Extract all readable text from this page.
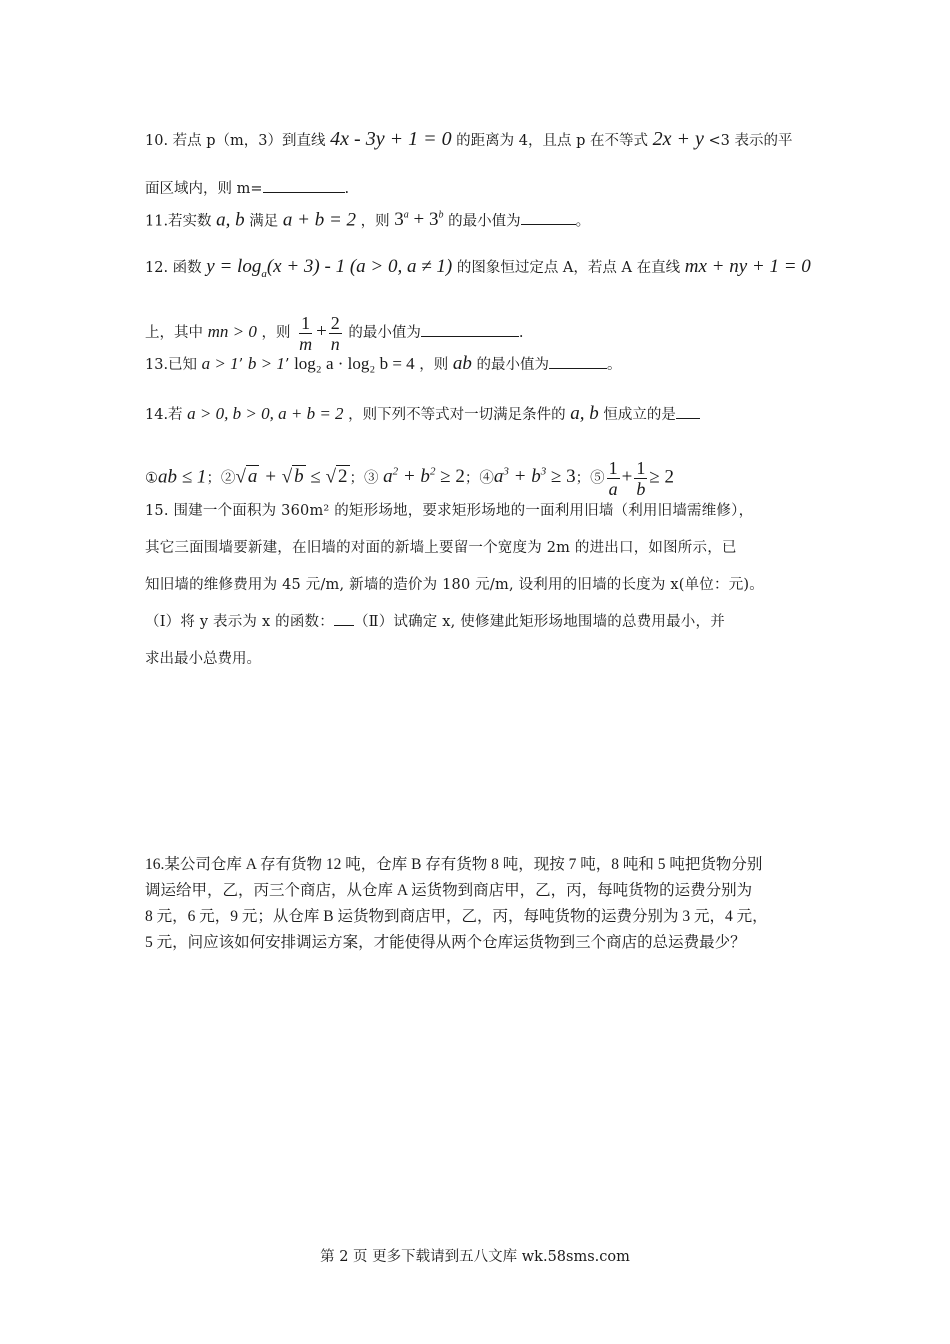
10. 若点 p（m，3）到直线 4x - 3y + 1 = 0 的距离为 4，且点 p 在不等式 2x + y <3 表示的平
面区域内，则 m=	.
11.若实数 a, b 满足 a + b = 2 ，则 $3^a + 3^b$ 的最小值为	。
12. 函数 $y = \log_a(x + 3) - 1$ (a > 0, a ≠ 1) 的图象恒过定点 A，若点 A 在直线 mx + ny + 1 = 0
上，其中 mn > 0 ，则 $\frac{1}{m} + \frac{2}{n}$ 的最小值为	.
13.已知 a > 1’ b > 1’ log₂ a · log₂ b = 4 ，则 ab 的最小值为	。
14.若 a > 0, b > 0, a + b = 2 ，则下列不等式对一切满足条件的 a, b 恒成立的是
①ab ≤ 1；②√ a + √ b ≤ √ 2 ；③ $a^2 + b^2 \ge 2$；$④a^3 + b^3 \ge 3$；⑤ $\frac{1}{a} + \frac{1}{b} \ge 2$
15. 围建一个面积为 360m² 的矩形场地，要求矩形场地的一面利用旧墙（利用旧墙需维修），
其它三面围墙要新建，在旧墙的对面的新墙上要留一个宽度为 2m 的进出口，如图所示，已
知旧墙的维修费用为 45 元/m, 新墙的造价为 180 元/m, 设利用的旧墙的长度为 x(单位：元)。
（Ⅰ）将 y 表示为 x 的函数： （Ⅱ）试确定 x, 使修建此矩形场地围墙的总费用最小，并
求出最小总费用。
16.某公司仓库 A 存有货物 12 吨，仓库 B 存有货物 8 吨，现按 7 吨，8 吨和 5 吨把货物分别
调运给甲，乙，丙三个商店，从仓库 A 运货物到商店甲，乙，丙，每吨货物的运费分别为
8 元，6 元，9 元；从仓库 B 运货物到商店甲，乙，丙，每吨货物的运费分别为 3 元，4 元，
5 元，问应该如何安排调运方案，才能使得从两个仓库运货物到三个商店的总运费最少？
第 2 页 更多下载请到五八文库 wk.58sms.com
